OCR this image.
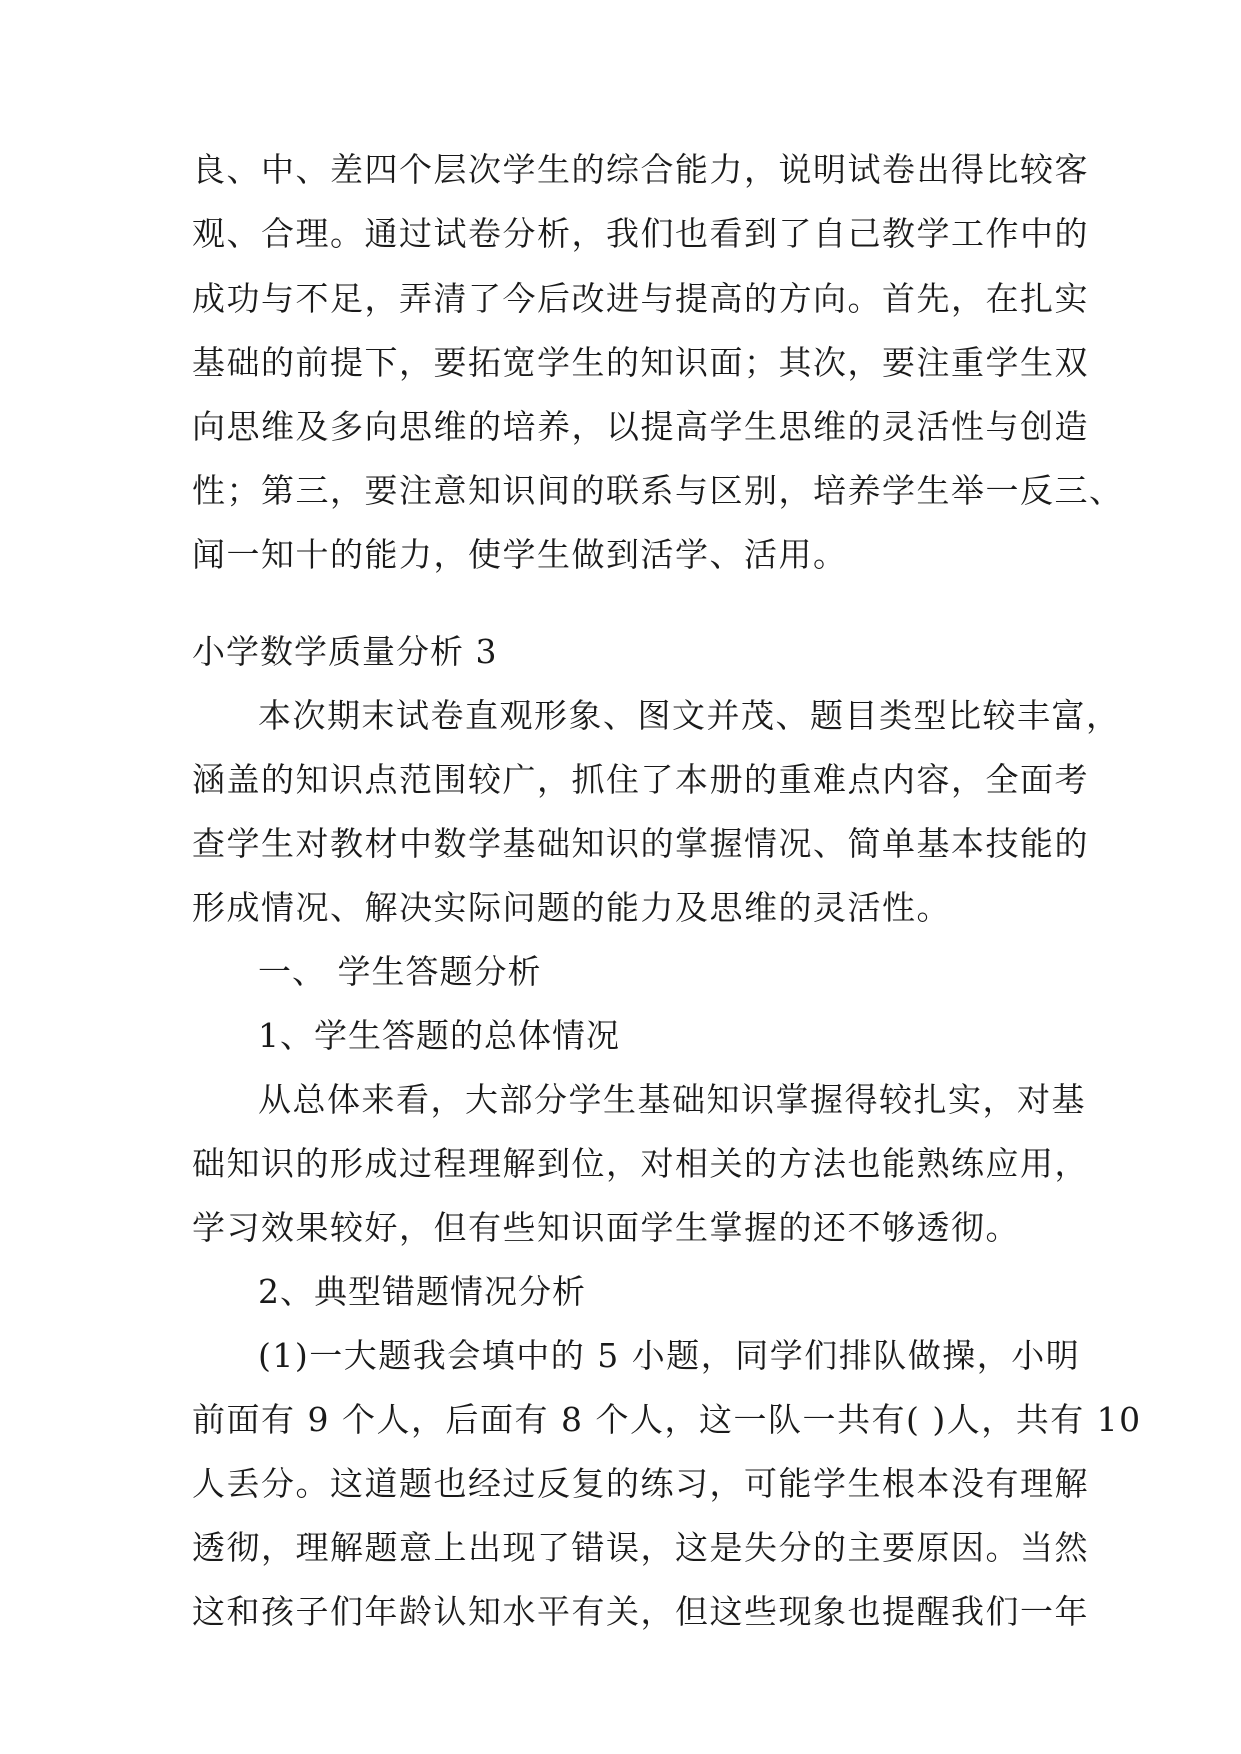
良、中、差四个层次学生的综合能力，说明试卷出得比较客
观、合理。通过试卷分析，我们也看到了自己教学工作中的
成功与不足，弄清了今后改进与提高的方向。首先，在扎实
基础的前提下，要拓宽学生的知识面；其次，要注重学生双
向思维及多向思维的培养，以提高学生思维的灵活性与创造
性；第三，要注意知识间的联系与区别，培养学生举一反三、
闻一知十的能力，使学生做到活学、活用。
小学数学质量分析 3
本次期末试卷直观形象、图文并茂、题目类型比较丰富，
涵盖的知识点范围较广，抓住了本册的重难点内容，全面考
查学生对教材中数学基础知识的掌握情况、简单基本技能的
形成情况、解决实际问题的能力及思维的灵活性。
一、 学生答题分析
1、学生答题的总体情况
从总体来看，大部分学生基础知识掌握得较扎实，对基
础知识的形成过程理解到位，对相关的方法也能熟练应用，
学习效果较好，但有些知识面学生掌握的还不够透彻。
2、典型错题情况分析
(1)一大题我会填中的 5 小题，同学们排队做操，小明
前面有 9 个人，后面有 8 个人，这一队一共有( )人，共有 10
人丢分。这道题也经过反复的练习，可能学生根本没有理解
透彻，理解题意上出现了错误，这是失分的主要原因。当然
这和孩子们年龄认知水平有关，但这些现象也提醒我们一年
